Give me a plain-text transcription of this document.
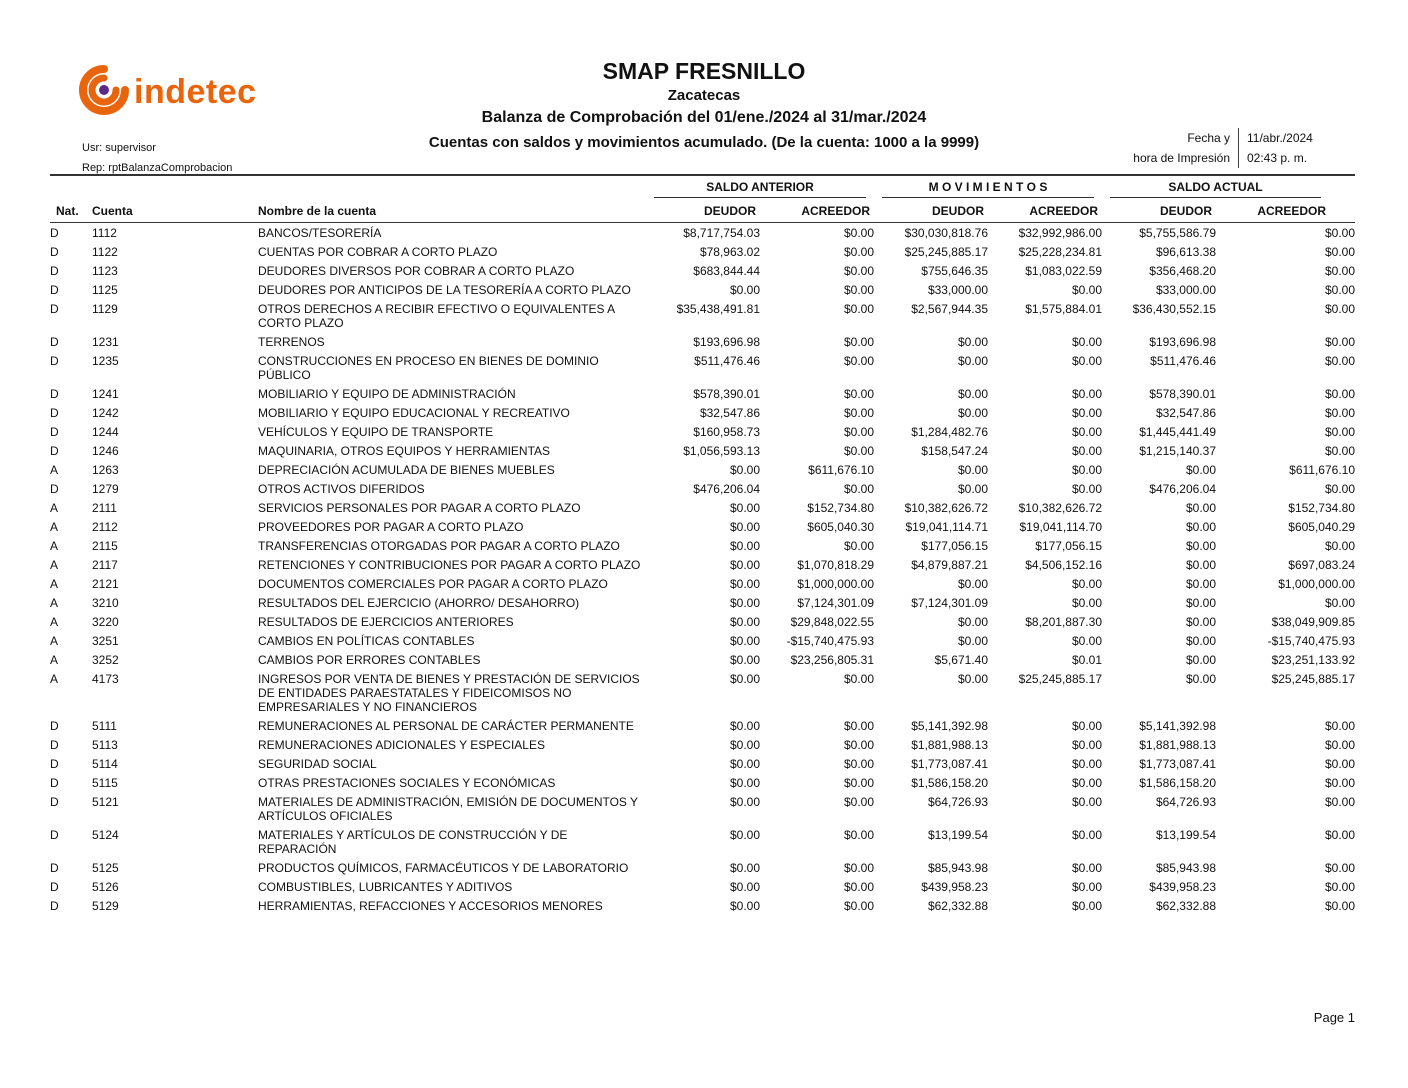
indetec
SMAP FRESNILLO
Zacatecas
Balanza de Comprobación del 01/ene./2024 al 31/mar./2024
Cuentas con saldos y movimientos acumulado. (De la cuenta: 1000 a la 9999)
Usr: supervisor
Rep: rptBalanzaComprobacion
Fecha y	11/abr./2024
hora de Impresión	02:43 p. m.

			SALDO ANTERIOR		M O V I M I E N T O S		SALDO ACTUAL	

Nat.	Cuenta	Nombre de la cuenta	DEUDOR	ACREEDOR	DEUDOR	ACREEDOR	DEUDOR	ACREEDOR
D	1112	BANCOS/TESORERÍA	$8,717,754.03	$0.00	$30,030,818.76	$32,992,986.00	$5,755,586.79	$0.00
D	1122	CUENTAS POR COBRAR A CORTO PLAZO	$78,963.02	$0.00	$25,245,885.17	$25,228,234.81	$96,613.38	$0.00
D	1123	DEUDORES DIVERSOS POR COBRAR A CORTO PLAZO	$683,844.44	$0.00	$755,646.35	$1,083,022.59	$356,468.20	$0.00
D	1125	DEUDORES POR ANTICIPOS DE LA TESORERÍA A CORTO PLAZO	$0.00	$0.00	$33,000.00	$0.00	$33,000.00	$0.00
D	1129	OTROS DERECHOS A RECIBIR EFECTIVO O EQUIVALENTES A CORTO PLAZO	$35,438,491.81	$0.00	$2,567,944.35	$1,575,884.01	$36,430,552.15	$0.00
D	1231	TERRENOS	$193,696.98	$0.00	$0.00	$0.00	$193,696.98	$0.00
D	1235	CONSTRUCCIONES EN PROCESO EN BIENES DE DOMINIO PÚBLICO	$511,476.46	$0.00	$0.00	$0.00	$511,476.46	$0.00
D	1241	MOBILIARIO Y EQUIPO DE ADMINISTRACIÓN	$578,390.01	$0.00	$0.00	$0.00	$578,390.01	$0.00
D	1242	MOBILIARIO Y EQUIPO EDUCACIONAL Y RECREATIVO	$32,547.86	$0.00	$0.00	$0.00	$32,547.86	$0.00
D	1244	VEHÍCULOS Y EQUIPO DE TRANSPORTE	$160,958.73	$0.00	$1,284,482.76	$0.00	$1,445,441.49	$0.00
D	1246	MAQUINARIA, OTROS EQUIPOS Y HERRAMIENTAS	$1,056,593.13	$0.00	$158,547.24	$0.00	$1,215,140.37	$0.00
A	1263	DEPRECIACIÓN ACUMULADA DE BIENES MUEBLES	$0.00	$611,676.10	$0.00	$0.00	$0.00	$611,676.10
D	1279	OTROS ACTIVOS DIFERIDOS	$476,206.04	$0.00	$0.00	$0.00	$476,206.04	$0.00
A	2111	SERVICIOS PERSONALES POR PAGAR A CORTO PLAZO	$0.00	$152,734.80	$10,382,626.72	$10,382,626.72	$0.00	$152,734.80
A	2112	PROVEEDORES POR PAGAR A CORTO PLAZO	$0.00	$605,040.30	$19,041,114.71	$19,041,114.70	$0.00	$605,040.29
A	2115	TRANSFERENCIAS OTORGADAS POR PAGAR A CORTO PLAZO	$0.00	$0.00	$177,056.15	$177,056.15	$0.00	$0.00
A	2117	RETENCIONES Y CONTRIBUCIONES POR PAGAR A CORTO PLAZO	$0.00	$1,070,818.29	$4,879,887.21	$4,506,152.16	$0.00	$697,083.24
A	2121	DOCUMENTOS COMERCIALES POR PAGAR A CORTO PLAZO	$0.00	$1,000,000.00	$0.00	$0.00	$0.00	$1,000,000.00
A	3210	RESULTADOS DEL EJERCICIO (AHORRO/ DESAHORRO)	$0.00	$7,124,301.09	$7,124,301.09	$0.00	$0.00	$0.00
A	3220	RESULTADOS DE EJERCICIOS ANTERIORES	$0.00	$29,848,022.55	$0.00	$8,201,887.30	$0.00	$38,049,909.85
A	3251	CAMBIOS EN POLÍTICAS CONTABLES	$0.00	-$15,740,475.93	$0.00	$0.00	$0.00	-$15,740,475.93
A	3252	CAMBIOS POR ERRORES CONTABLES	$0.00	$23,256,805.31	$5,671.40	$0.01	$0.00	$23,251,133.92
A	4173	INGRESOS POR VENTA DE BIENES Y PRESTACIÓN DE SERVICIOS DE ENTIDADES PARAESTATALES Y FIDEICOMISOS NO EMPRESARIALES Y NO FINANCIEROS	$0.00	$0.00	$0.00	$25,245,885.17	$0.00	$25,245,885.17
D	5111	REMUNERACIONES AL PERSONAL DE CARÁCTER PERMANENTE	$0.00	$0.00	$5,141,392.98	$0.00	$5,141,392.98	$0.00
D	5113	REMUNERACIONES ADICIONALES Y ESPECIALES	$0.00	$0.00	$1,881,988.13	$0.00	$1,881,988.13	$0.00
D	5114	SEGURIDAD SOCIAL	$0.00	$0.00	$1,773,087.41	$0.00	$1,773,087.41	$0.00
D	5115	OTRAS PRESTACIONES SOCIALES Y ECONÓMICAS	$0.00	$0.00	$1,586,158.20	$0.00	$1,586,158.20	$0.00
D	5121	MATERIALES DE ADMINISTRACIÓN, EMISIÓN DE DOCUMENTOS Y ARTÍCULOS OFICIALES	$0.00	$0.00	$64,726.93	$0.00	$64,726.93	$0.00
D	5124	MATERIALES Y ARTÍCULOS DE CONSTRUCCIÓN Y DE REPARACIÓN	$0.00	$0.00	$13,199.54	$0.00	$13,199.54	$0.00
D	5125	PRODUCTOS QUÍMICOS, FARMACÉUTICOS Y DE LABORATORIO	$0.00	$0.00	$85,943.98	$0.00	$85,943.98	$0.00
D	5126	COMBUSTIBLES, LUBRICANTES Y ADITIVOS	$0.00	$0.00	$439,958.23	$0.00	$439,958.23	$0.00
D	5129	HERRAMIENTAS, REFACCIONES Y ACCESORIOS MENORES	$0.00	$0.00	$62,332.88	$0.00	$62,332.88	$0.00
Page 1
